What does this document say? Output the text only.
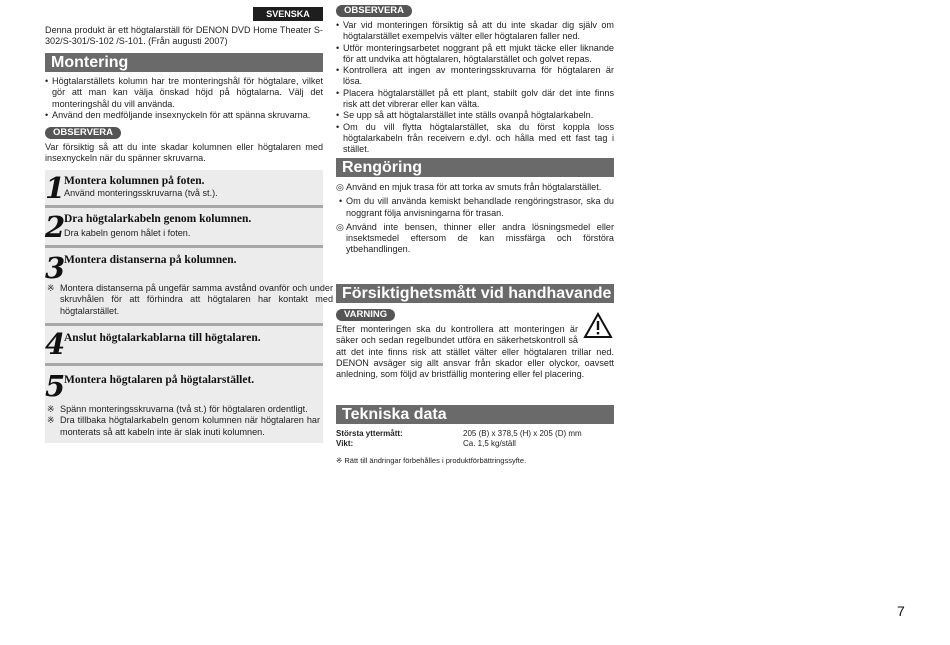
SVENSKA
Denna produkt är ett högtalarställ för DENON DVD Home Theater S-302/S-301/S-102 /S-101. (Från augusti 2007)
Montering
• Högtalarställets kolumn har tre monteringshål för högtalare, vilket gör att man kan välja önskad höjd på högtalarna. Välj det monteringshål du vill använda.
• Använd den medföljande insexnyckeln för att spänna skruvarna.
OBSERVERA
Var försiktig så att du inte skadar kolumnen eller högtalaren med insexnyckeln när du spänner skruvarna.
1
Montera kolumnen på foten.
Använd monteringsskruvarna (två st.).
2
Dra högtalarkabeln genom kolumnen.
Dra kabeln genom hålet i foten.
3
Montera distanserna på kolumnen.
※ Montera distanserna på ungefär samma avstånd ovanför och under skruvhålen för att förhindra att högtalaren har kontakt med högtalarstället.
4
Anslut högtalarkablarna till högtalaren.
5
Montera högtalaren på högtalarstället.
※ Spänn monteringsskruvarna (två st.) för högtalaren ordentligt.
※ Dra tillbaka högtalarkabeln genom kolumnen när högtalaren har monterats så att kabeln inte är slak inuti kolumnen.
OBSERVERA
• Var vid monteringen försiktig så att du inte skadar dig själv om högtalarstället exempelvis välter eller högtalaren faller ned.
• Utför monteringsarbetet noggrant på ett mjukt täcke eller liknande för att undvika att högtalaren, högtalarstället och golvet repas.
• Kontrollera att ingen av monteringsskruvarna för högtalaren är lösa.
• Placera högtalarstället på ett plant, stabilt golv där det inte finns risk att det vibrerar eller kan välta.
• Se upp så att högtalarstället inte ställs ovanpå högtalarkabeln.
• Om du vill flytta högtalarstället, ska du först koppla loss högtalarkabeln från receivern e.dyl. och hålla med ett fast tag i stället.
Rengöring
◎ Använd en mjuk trasa för att torka av smuts från högtalarstället.
• Om du vill använda kemiskt behandlade rengöringstrasor, ska du noggrant följa anvisningarna för trasan.
◎ Använd inte bensen, thinner eller andra lösningsmedel eller insektsmedel eftersom de kan missfärga och förstöra ytbehandlingen.
Försiktighetsmått vid handhavande
VARNING
Efter monteringen ska du kontrollera att monteringen är säker och sedan regelbundet utföra en säkerhetskontroll så att det inte finns risk att stället välter eller högtalaren trillar ned. DENON avsäger sig allt ansvar från skador eller olyckor, oavsett anledning, som följd av bristfällig montering eller fel placering.
Tekniska data
Största yttermått:	205 (B) x 378,5 (H) x 205 (D) mm
Vikt:	Ca. 1,5 kg/ställ
※ Rätt till ändringar förbehålles i produktförbättringssyfte.
7
